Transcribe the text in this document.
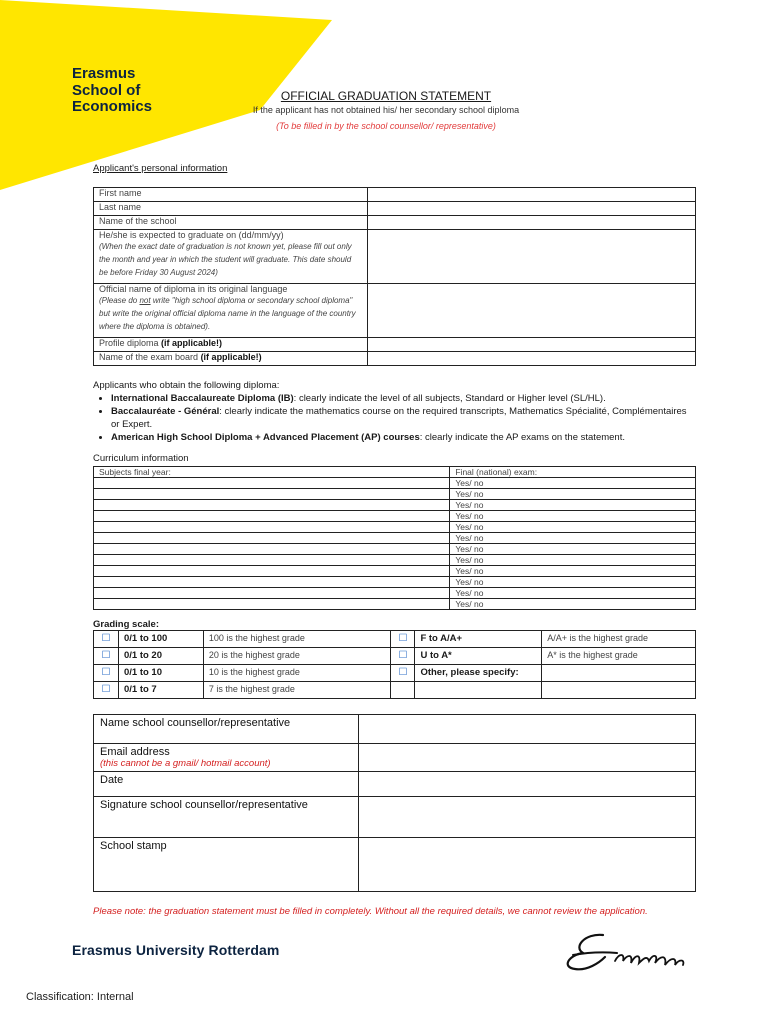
Erasmus
School of
Economics
OFFICIAL GRADUATION STATEMENT
If the applicant has not obtained his/ her secondary school diploma
(To be filled in by the school counsellor/ representative)
Applicant's personal information
First name	
Last name	
Name of the school	
He/she is expected to graduate on (dd/mm/yy)
(When the exact date of graduation is not known yet, please fill out only the month and year in which the student will graduate. This date should be before Friday 30 August 2024)	

Official name of diploma in its original language
(Please do not write "high school diploma or secondary school diploma" but write the original official diploma name in the language of the country where the diploma is obtained).	

Profile diploma (if applicable!)	
Name of the exam board (if applicable!)	
Applicants who obtain the following diploma:
• International Baccalaureate Diploma (IB): clearly indicate the level of all subjects, Standard or Higher level (SL/HL).
• Baccalauréate - Général: clearly indicate the mathematics course on the required transcripts, Mathematics Spécialité, Complémentaires or Expert.
• American High School Diploma + Advanced Placement (AP) courses: clearly indicate the AP exams on the statement.
Curriculum information
Subjects final year:	Final (national) exam:
	Yes/ no
	Yes/ no
	Yes/ no
	Yes/ no
	Yes/ no
	Yes/ no
	Yes/ no
	Yes/ no
	Yes/ no
	Yes/ no
	Yes/ no
	Yes/ no
Grading scale:
☐	0/1 to 100	100 is the highest grade	☐	F to A/A+	A/A+ is the highest grade
☐	0/1 to 20	20 is the highest grade	☐	U to A*	A* is the highest grade
☐	0/1 to 10	10 is the highest grade	☐	Other, please specify:	
☐	0/1 to 7	7 is the highest grade			
Name school counsellor/representative	
Email address
(this cannot be a gmail/ hotmail account)	

Date	
Signature school counsellor/representative	
School stamp	
Please note: the graduation statement must be filled in completely. Without all the required details, we cannot review the application.
Erasmus University Rotterdam
Classification: Internal
